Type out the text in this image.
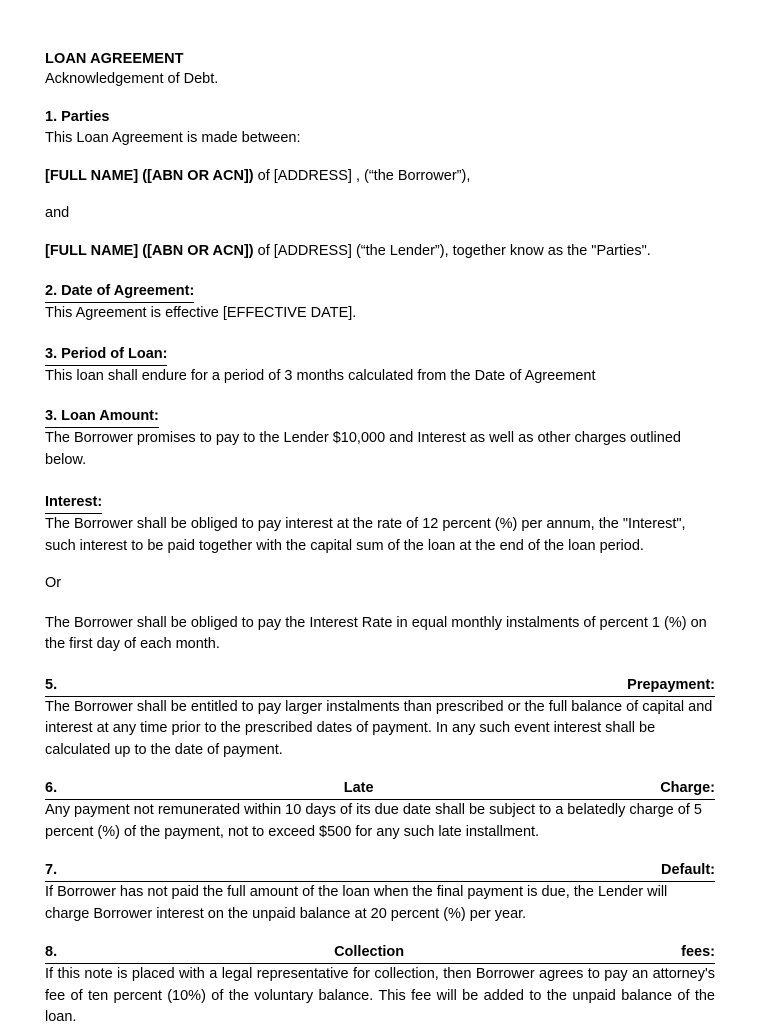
LOAN AGREEMENT
Acknowledgement of Debt.
1. Parties

This Loan Agreement is made between:

[FULL NAME] ([ABN OR ACN]) of [ADDRESS] , (“the Borrower”),

and

[FULL NAME] ([ABN OR ACN]) of [ADDRESS] (“the Lender”), together know as the "Parties".

2. Date of Agreement:

This Agreement is effective [EFFECTIVE DATE].

3. Period of Loan:

This loan shall endure for a period of 3 months calculated from the Date of Agreement

3. Loan Amount:

The Borrower promises to pay to the Lender $10,000 and Interest as well as other charges outlined below.

Interest:

The Borrower shall be obliged to pay interest at the rate of 12 percent (%) per annum, the "Interest", such interest to be paid together with the capital sum of the loan at the end of the loan period.

Or

The Borrower shall be obliged to pay the Interest Rate in equal monthly instalments of percent 1 (%) on the first day of each month.

5.	Prepayment:

The Borrower shall be entitled to pay larger instalments than prescribed or the full balance of capital and interest at any time prior to the prescribed dates of payment. In any such event interest shall be calculated up to the date of payment.

6.	Late	Charge:

Any payment not remunerated within 10 days of its due date shall be subject to a belatedly charge of 5 percent (%) of the payment, not to exceed $500 for any such late installment.

7.	Default:

If Borrower has not paid the full amount of the loan when the final payment is due, the Lender will charge Borrower interest on the unpaid balance at 20 percent (%) per year.

8.	Collection	fees:

If this note is placed with a legal representative for collection, then Borrower agrees to pay an attorney's fee of ten percent (10%) of the voluntary balance. This fee will be added to the unpaid balance of the loan.
